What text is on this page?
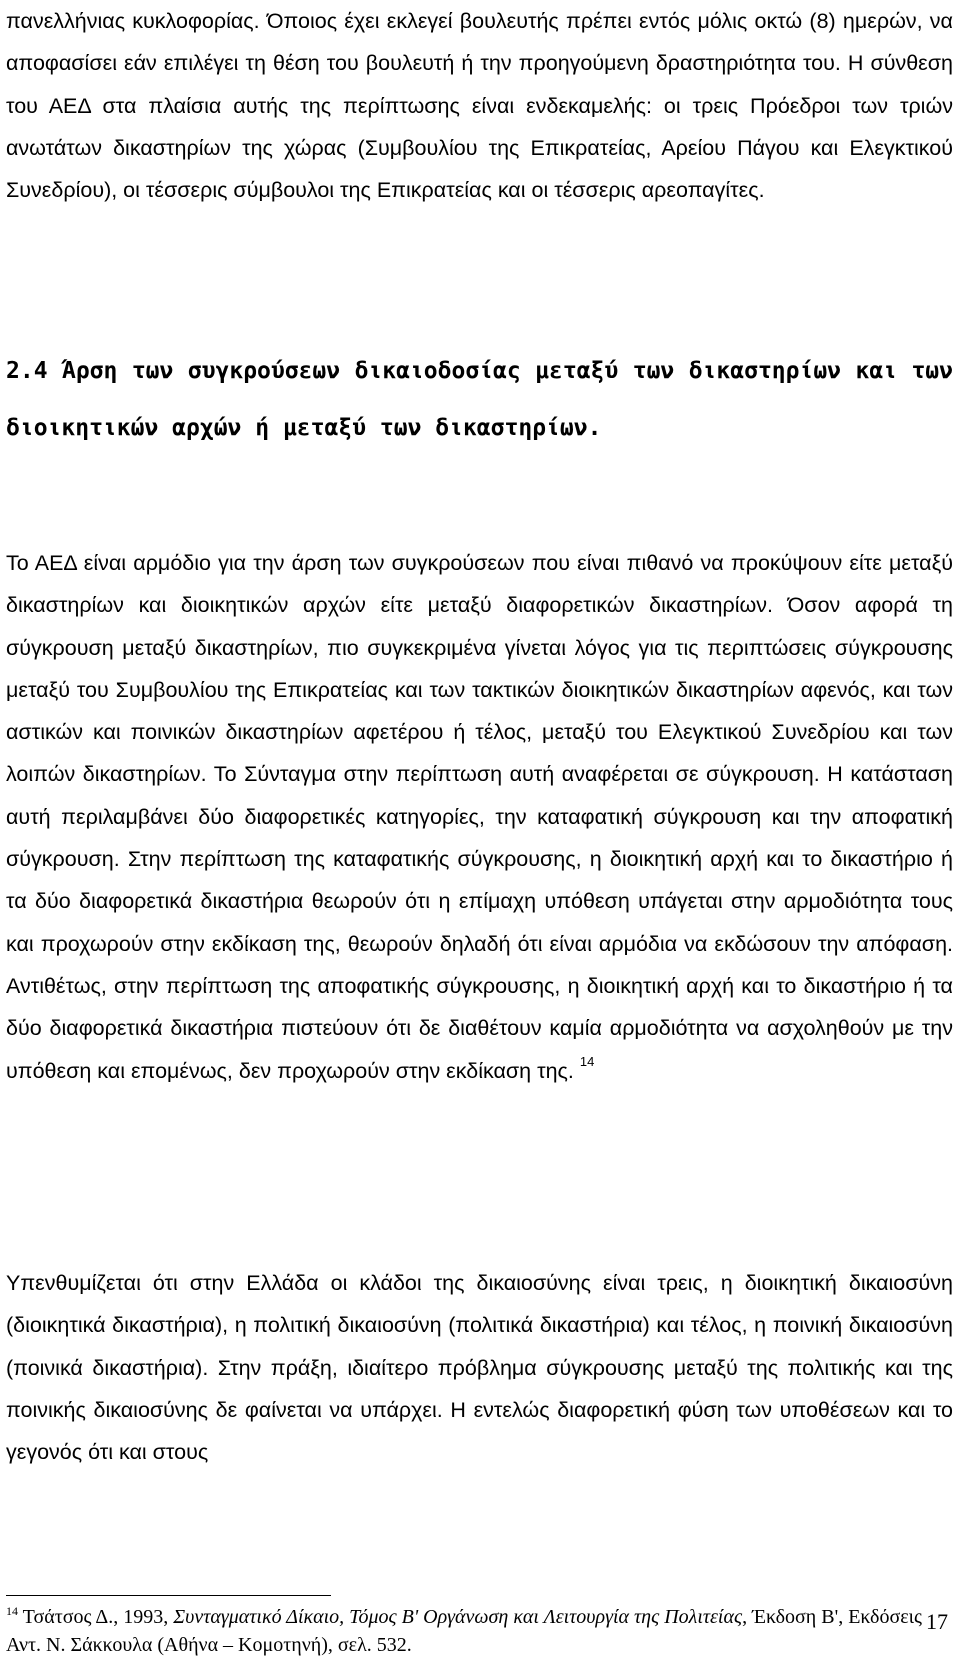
πανελλήνιας κυκλοφορίας. Όποιος έχει εκλεγεί βουλευτής πρέπει εντός μόλις οκτώ (8) ημερών, να αποφασίσει εάν επιλέγει τη θέση του βουλευτή ή την προηγούμενη δραστηριότητα του. Η σύνθεση του ΑΕΔ στα πλαίσια αυτής της περίπτωσης είναι ενδεκαμελής: οι τρεις Πρόεδροι των τριών ανωτάτων δικαστηρίων της χώρας (Συμβουλίου της Επικρατείας, Αρείου Πάγου και Ελεγκτικού Συνεδρίου), οι τέσσερις σύμβουλοι της Επικρατείας και οι τέσσερις αρεοπαγίτες.

2.4 Άρση των συγκρούσεων δικαιοδοσίας μεταξύ των δικαστηρίων και των διοικητικών αρχών ή μεταξύ των δικαστηρίων.

Το ΑΕΔ είναι αρμόδιο για την άρση των συγκρούσεων που είναι πιθανό να προκύψουν είτε μεταξύ δικαστηρίων και διοικητικών αρχών είτε μεταξύ διαφορετικών δικαστηρίων. Όσον αφορά τη σύγκρουση μεταξύ δικαστηρίων, πιο συγκεκριμένα γίνεται λόγος για τις περιπτώσεις σύγκρουσης μεταξύ του Συμβουλίου της Επικρατείας και των τακτικών διοικητικών δικαστηρίων αφενός, και των αστικών και ποινικών δικαστηρίων αφετέρου ή τέλος, μεταξύ του Ελεγκτικού Συνεδρίου και των λοιπών δικαστηρίων. Το Σύνταγμα στην περίπτωση αυτή αναφέρεται σε σύγκρουση. Η κατάσταση αυτή περιλαμβάνει δύο διαφορετικές κατηγορίες, την καταφατική σύγκρουση και την αποφατική σύγκρουση. Στην περίπτωση της καταφατικής σύγκρουσης, η διοικητική αρχή και το δικαστήριο ή τα δύο διαφορετικά δικαστήρια θεωρούν ότι η επίμαχη υπόθεση υπάγεται στην αρμοδιότητα τους και προχωρούν στην εκδίκαση της, θεωρούν δηλαδή ότι είναι αρμόδια να εκδώσουν την απόφαση. Αντιθέτως, στην περίπτωση της αποφατικής σύγκρουσης, η διοικητική αρχή και το δικαστήριο ή τα δύο διαφορετικά δικαστήρια πιστεύουν ότι δε διαθέτουν καμία αρμοδιότητα να ασχοληθούν με την υπόθεση και επομένως, δεν προχωρούν στην εκδίκαση της. $^{14}$

Υπενθυμίζεται ότι στην Ελλάδα οι κλάδοι της δικαιοσύνης είναι τρεις, η διοικητική δικαιοσύνη (διοικητικά δικαστήρια), η πολιτική δικαιοσύνη (πολιτικά δικαστήρια) και τέλος, η ποινική δικαιοσύνη (ποινικά δικαστήρια). Στην πράξη, ιδιαίτερο πρόβλημα σύγκρουσης μεταξύ της πολιτικής και της ποινικής δικαιοσύνης δε φαίνεται να υπάρχει. Η εντελώς διαφορετική φύση των υποθέσεων και το γεγονός ότι και στους

$^{14}$ Τσάτσος Δ., 1993, Συνταγματικό Δίκαιο, Τόμος Β' Οργάνωση και Λειτουργία της Πολιτείας, Έκδοση Β', Εκδόσεις Αντ. Ν. Σάκκουλα (Αθήνα – Κομοτηνή), σελ. 532.

17
